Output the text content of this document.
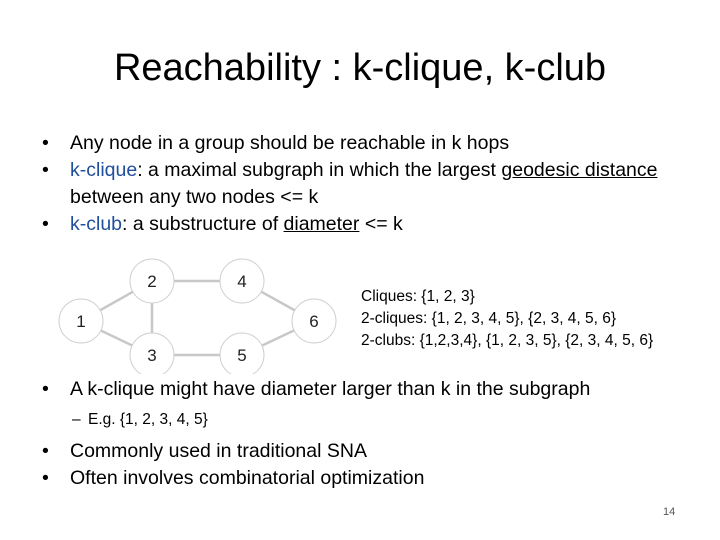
Reachability : k-clique, k-club
• Any node in a group should be reachable in k hops
• k-clique: a maximal subgraph in which the largest geodesic distance between any two nodes <= k
• k-club: a substructure of diameter <= k
1
2
3
4
5
6
Cliques: {1, 2, 3}
2-cliques: {1, 2, 3, 4, 5}, {2, 3, 4, 5, 6}
2-clubs: {1,2,3,4}, {1, 2, 3, 5}, {2, 3, 4, 5, 6}
• A k-clique might have diameter larger than k in the subgraph
– E.g. {1, 2, 3, 4, 5}
• Commonly used in traditional SNA
• Often involves combinatorial optimization
14
